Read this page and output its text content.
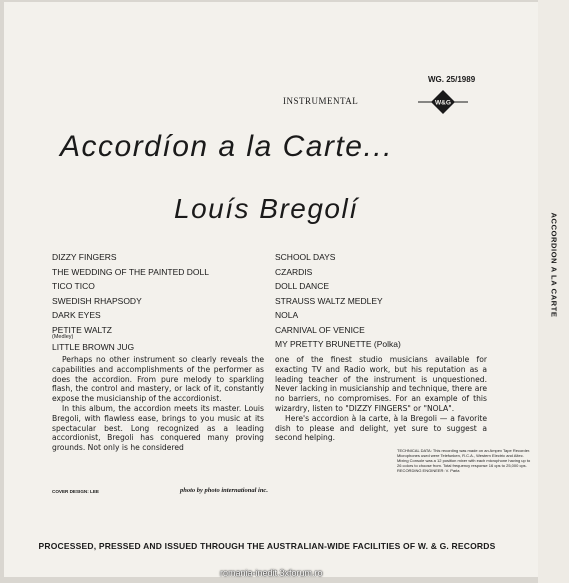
ACCORDION A LA CARTE
WG. 25/1989
INSTRUMENTAL	W&G
Accordíon a la Carte...
Louís Bregolí
DIZZY FINGERS
THE WEDDING OF THE PAINTED DOLL
TICO TICO
SWEDISH RHAPSODY
DARK EYES
PETITE WALTZ
(Medley)
LITTLE BROWN JUG
SCHOOL DAYS
CZARDIS
DOLL DANCE
STRAUSS WALTZ MEDLEY
NOLA
CARNIVAL OF VENICE
MY PRETTY BRUNETTE (Polka)

Perhaps no other instrument so clearly reveals the capabilities and accomplishments of the performer as does the accordion. From pure melody to sparkling flash, the control and mastery, or lack of it, constantly expose the musicianship of the accordionist.

In this album, the accordion meets its master. Louis Bregoli, with flawless ease, brings to you music at its spectacular best. Long recognized as a leading accordionist, Bregoli has conquered many proving grounds. Not only is he considered

one of the finest studio musicians available for exacting TV and Radio work, but his reputation as a leading teacher of the instrument is unquestioned. Never lacking in musicianship and technique, there are no barriers, no compromises. For an example of this wizardry, listen to "DIZZY FINGERS" or "NOLA".

Here's accordion à la carte, à la Bregoli — a favorite dish to please and delight, yet sure to suggest a second helping.

TECHNICAL DATA: This recording was made on an Ampex Tape Recorder. Microphones used were Telefunken, R.C.A., Western Electric and Altec. Mixing Console was a 12 position mixer with each microphone having up to 26 colors to choose from. Total frequency response 16 cps to 25,000 cps. RECORDING ENGINEER: V. Parla
COVER DESIGN: LEE	photo by photo international inc.
PROCESSED, PRESSED AND ISSUED THROUGH THE AUSTRALIAN-WIDE FACILITIES OF W. & G. RECORDS
romania-inedit.3xforum.ro
